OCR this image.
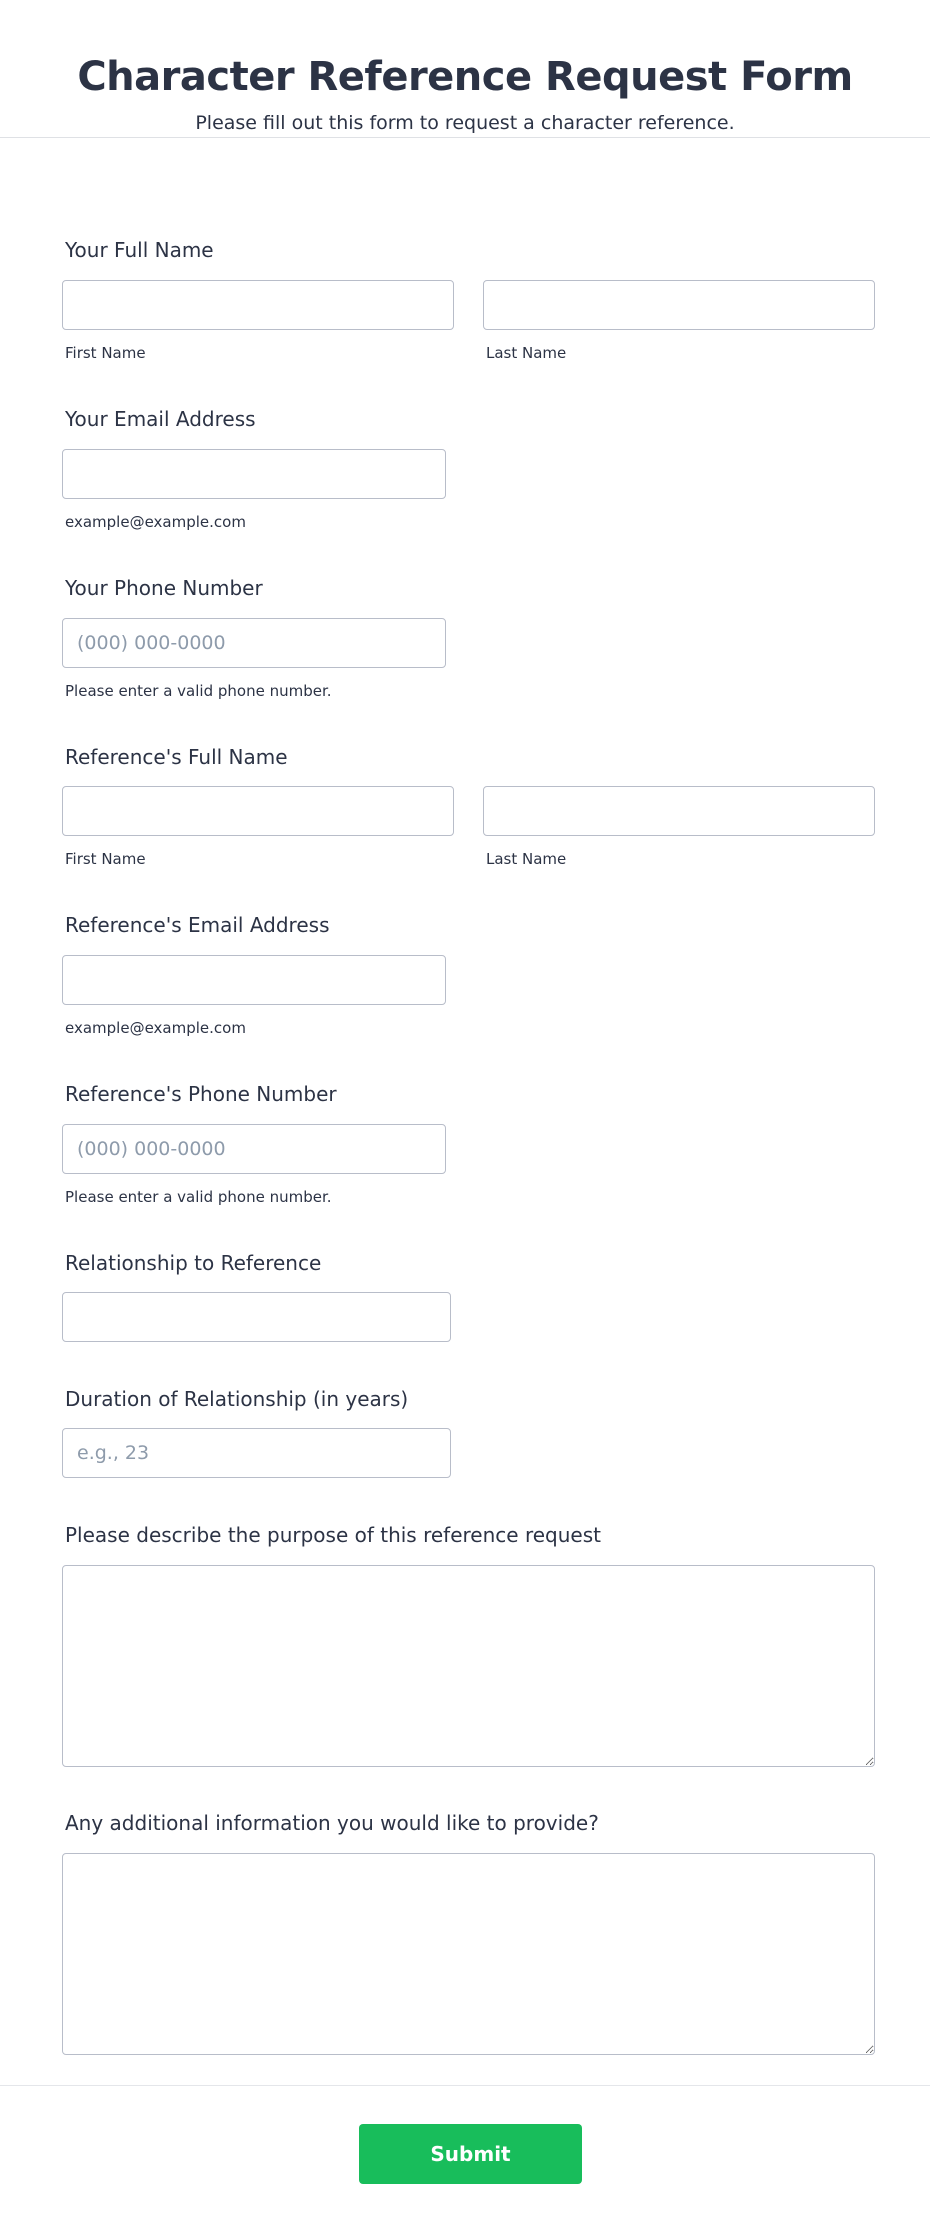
Character Reference Request Form

Please fill out this form to request a character reference.

Your Full Name
First Name	Last Name
Your Email Address
example@example.com
Your Phone Number
(000) 000-0000
Please enter a valid phone number.
Reference's Full Name
First Name	Last Name
Reference's Email Address
example@example.com
Reference's Phone Number
(000) 000-0000
Please enter a valid phone number.
Relationship to Reference
Duration of Relationship (in years)
e.g., 23
Please describe the purpose of this reference request
Any additional information you would like to provide?
Submit
